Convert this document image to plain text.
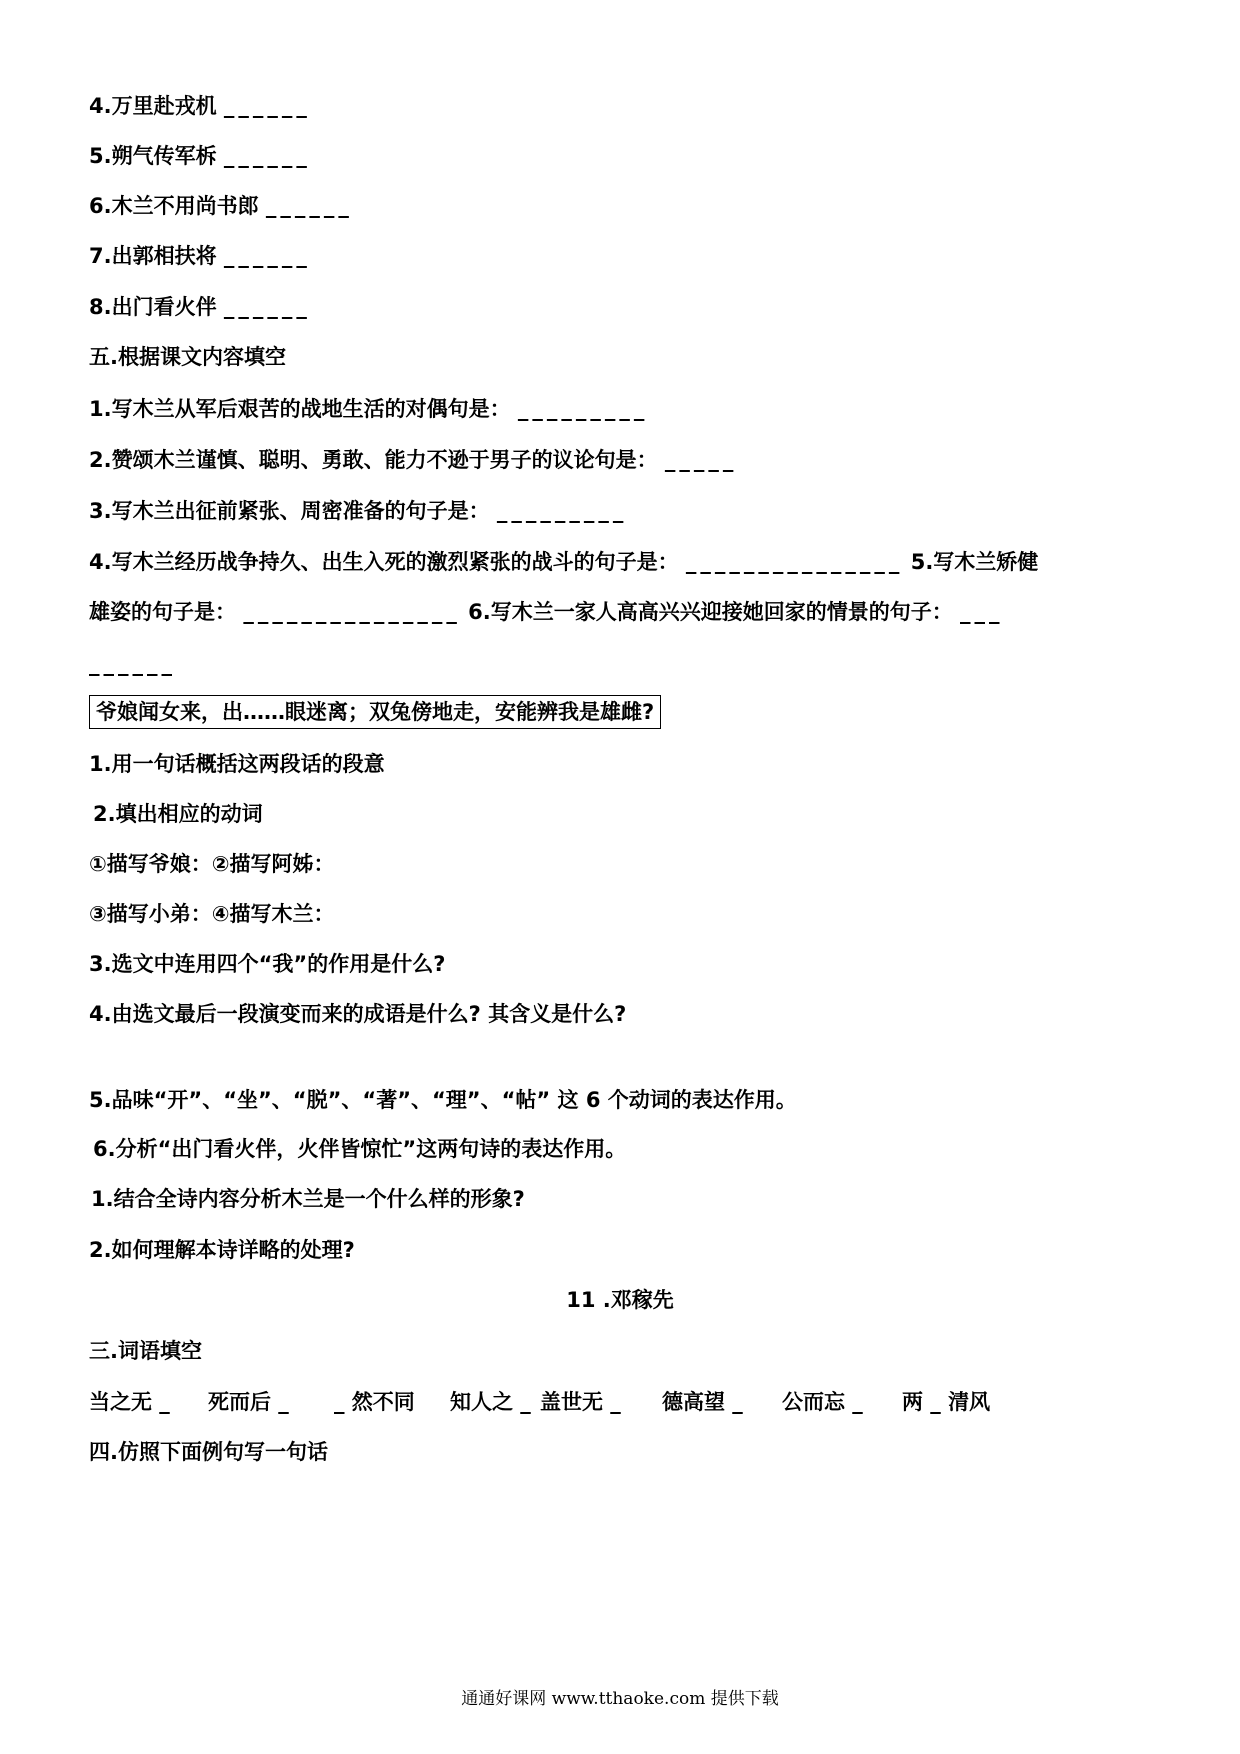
4.万里赴戎机 ______
5.朔气传军柝 ______
6.木兰不用尚书郎 ______
7.出郭相扶将 ______
8.出门看火伴 ______
五.根据课文内容填空
1.写木兰从军后艰苦的战地生活的对偶句是： _________
2.赞颂木兰谨慎、聪明、勇敢、能力不逊于男子的议论句是： _____
3.写木兰出征前紧张、周密准备的句子是： _________
4.写木兰经历战争持久、出生入死的激烈紧张的战斗的句子是： _______________ 5.写木兰矫健
雄姿的句子是： _______________ 6.写木兰一家人高高兴兴迎接她回家的情景的句子： ___
______
爷娘闻女来，出……眼迷离；双兔傍地走，安能辨我是雄雌?
1.用一句话概括这两段话的段意
2.填出相应的动词
①描写爷娘：②描写阿姊：
③描写小弟：④描写木兰：
3.选文中连用四个“我”的作用是什么?
4.由选文最后一段演变而来的成语是什么? 其含义是什么?
5.品味“开”、“坐”、“脱”、“著”、“理”、“帖” 这 6 个动词的表达作用。
6.分析“出门看火伴，火伴皆惊忙”这两句诗的表达作用。
1.结合全诗内容分析木兰是一个什么样的形象?
2.如何理解本诗详略的处理?
11 .邓稼先
三.词语填空
当之无 _ 死而后 _ _ 然不同 知人之 _ 盖世无 _ 德高望 _ 公而忘 _ 两 _ 清风
四.仿照下面例句写一句话
通通好课网 www.tthaoke.com 提供下载
